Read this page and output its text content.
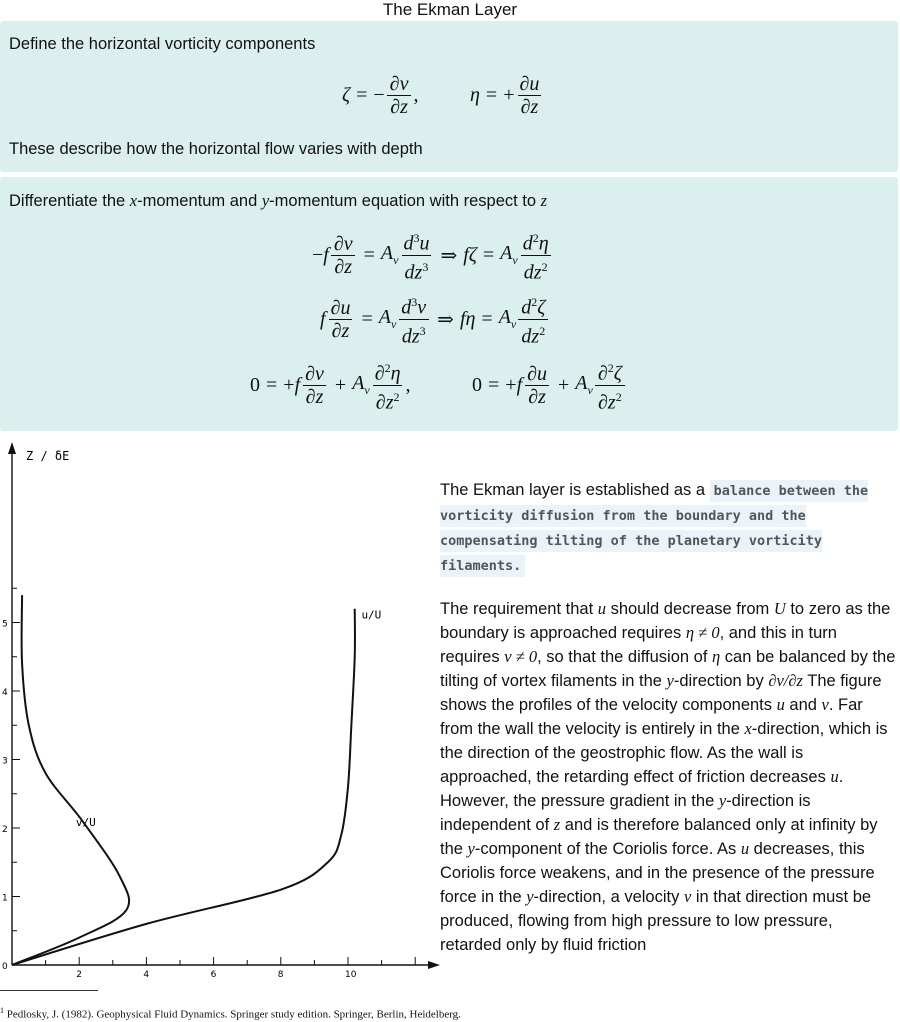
The Ekman Layer
Define the horizontal vorticity components
ζ = − $\frac{\partial v}{\partial z}$ ,	η = + $\frac{\partial u}{\partial z}$
These describe how the horizontal flow varies with depth
Differentiate the x-momentum and y-momentum equation with respect to z
− f $\frac{\partial v}{\partial z} = A_v \frac{d^3u}{dz^3}$ ⇒ $f\zeta = A_v \frac{d^2\eta}{dz^2}$
f $\frac{\partial u}{\partial z} = A_v \frac{d^3v}{dz^3}$ ⇒ $f\eta = A_v \frac{d^2\zeta}{dz^2}$
0 = + f $\frac{\partial v}{\partial z} + A_v \frac{\partial^2\eta}{\partial z^2}$ ,	0 = + f $\frac{\partial u}{\partial z} + A_v \frac{\partial^2\zeta}{\partial z^2}$
Z / δE
0
1
2
3
4
5
2	4	6	8	10
u/U
v/U
The Ekman layer is established as a balance between the vorticity diffusion from the boundary and the compensating tilting of the planetary vorticity filaments.
The requirement that u should decrease from U to zero as the boundary is approached requires η ≠ 0, and this in turn requires v ≠ 0, so that the diffusion of η can be balanced by the tilting of vortex filaments in the y-direction by ∂v/∂z The figure shows the profiles of the velocity components u and v. Far from the wall the velocity is entirely in the x-direction, which is the direction of the geostrophic flow. As the wall is approached, the retarding effect of friction decreases u. However, the pressure gradient in the y-direction is independent of z and is therefore balanced only at infinity by the y-component of the Coriolis force. As u decreases, this Coriolis force weakens, and in the presence of the pressure force in the y-direction, a velocity v in that direction must be produced, flowing from high pressure to low pressure, retarded only by fluid friction
$^1$ Pedlosky, J. (1982). Geophysical Fluid Dynamics. Springer study edition. Springer, Berlin, Heidelberg.
